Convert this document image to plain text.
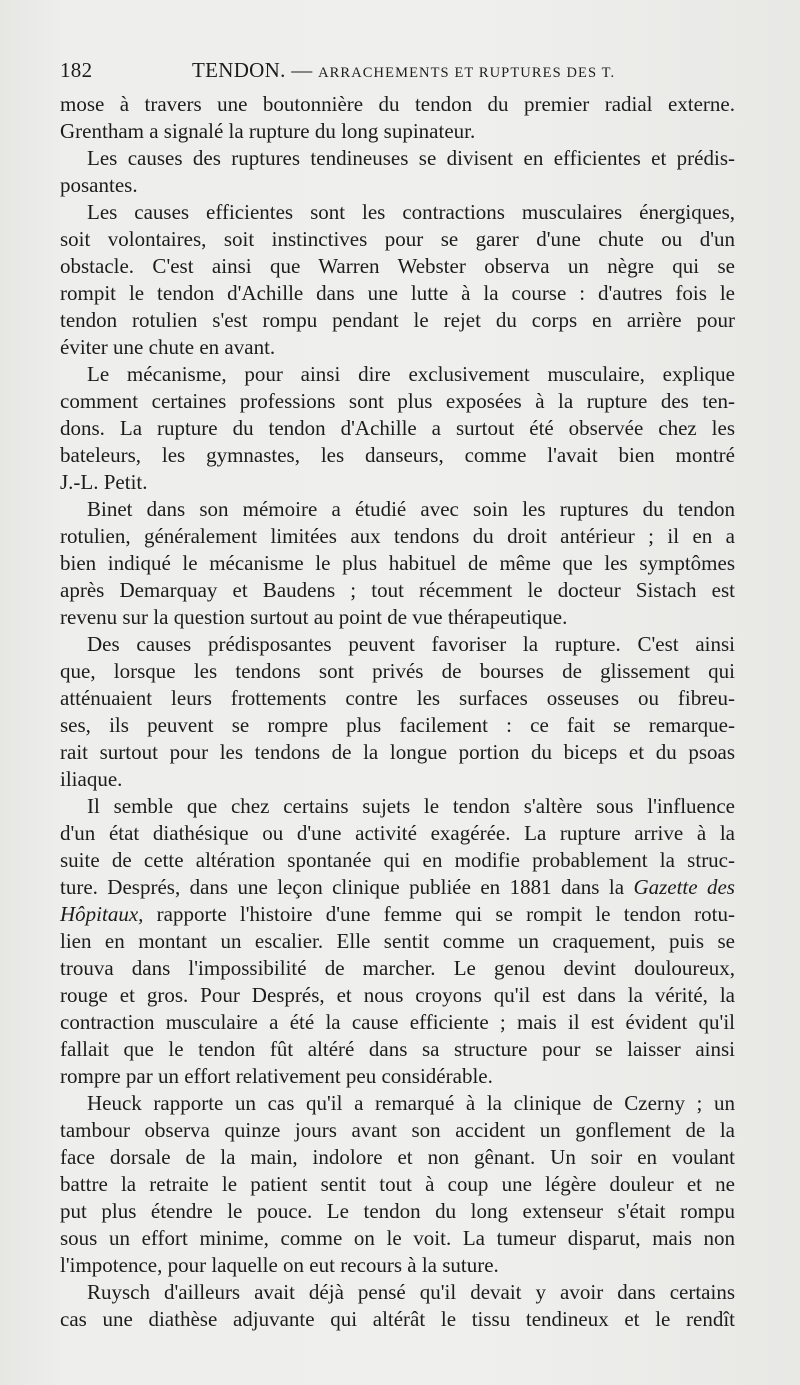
182	TENDON. — ARRACHEMENTS ET RUPTURES DES T.
mose à travers une boutonnière du tendon du premier radial externe.
Grentham a signalé la rupture du long supinateur.
Les causes des ruptures tendineuses se divisent en efficientes et prédis-
posantes.
Les causes efficientes sont les contractions musculaires énergiques,
soit volontaires, soit instinctives pour se garer d'une chute ou d'un
obstacle. C'est ainsi que Warren Webster observa un nègre qui se
rompit le tendon d'Achille dans une lutte à la course : d'autres fois le
tendon rotulien s'est rompu pendant le rejet du corps en arrière pour
éviter une chute en avant.
Le mécanisme, pour ainsi dire exclusivement musculaire, explique
comment certaines professions sont plus exposées à la rupture des ten-
dons. La rupture du tendon d'Achille a surtout été observée chez les
bateleurs, les gymnastes, les danseurs, comme l'avait bien montré
J.-L. Petit.
Binet dans son mémoire a étudié avec soin les ruptures du tendon
rotulien, généralement limitées aux tendons du droit antérieur ; il en a
bien indiqué le mécanisme le plus habituel de même que les symptômes
après Demarquay et Baudens ; tout récemment le docteur Sistach est
revenu sur la question surtout au point de vue thérapeutique.
Des causes prédisposantes peuvent favoriser la rupture. C'est ainsi
que, lorsque les tendons sont privés de bourses de glissement qui
atténuaient leurs frottements contre les surfaces osseuses ou fibreu-
ses, ils peuvent se rompre plus facilement : ce fait se remarque-
rait surtout pour les tendons de la longue portion du biceps et du psoas
iliaque.
Il semble que chez certains sujets le tendon s'altère sous l'influence
d'un état diathésique ou d'une activité exagérée. La rupture arrive à la
suite de cette altération spontanée qui en modifie probablement la struc-
ture. Després, dans une leçon clinique publiée en 1881 dans la Gazette des
Hôpitaux, rapporte l'histoire d'une femme qui se rompit le tendon rotu-
lien en montant un escalier. Elle sentit comme un craquement, puis se
trouva dans l'impossibilité de marcher. Le genou devint douloureux,
rouge et gros. Pour Després, et nous croyons qu'il est dans la vérité, la
contraction musculaire a été la cause efficiente ; mais il est évident qu'il
fallait que le tendon fût altéré dans sa structure pour se laisser ainsi
rompre par un effort relativement peu considérable.
Heuck rapporte un cas qu'il a remarqué à la clinique de Czerny ; un
tambour observa quinze jours avant son accident un gonflement de la
face dorsale de la main, indolore et non gênant. Un soir en voulant
battre la retraite le patient sentit tout à coup une légère douleur et ne
put plus étendre le pouce. Le tendon du long extenseur s'était rompu
sous un effort minime, comme on le voit. La tumeur disparut, mais non
l'impotence, pour laquelle on eut recours à la suture.
Ruysch d'ailleurs avait déjà pensé qu'il devait y avoir dans certains
cas une diathèse adjuvante qui altérât le tissu tendineux et le rendît
